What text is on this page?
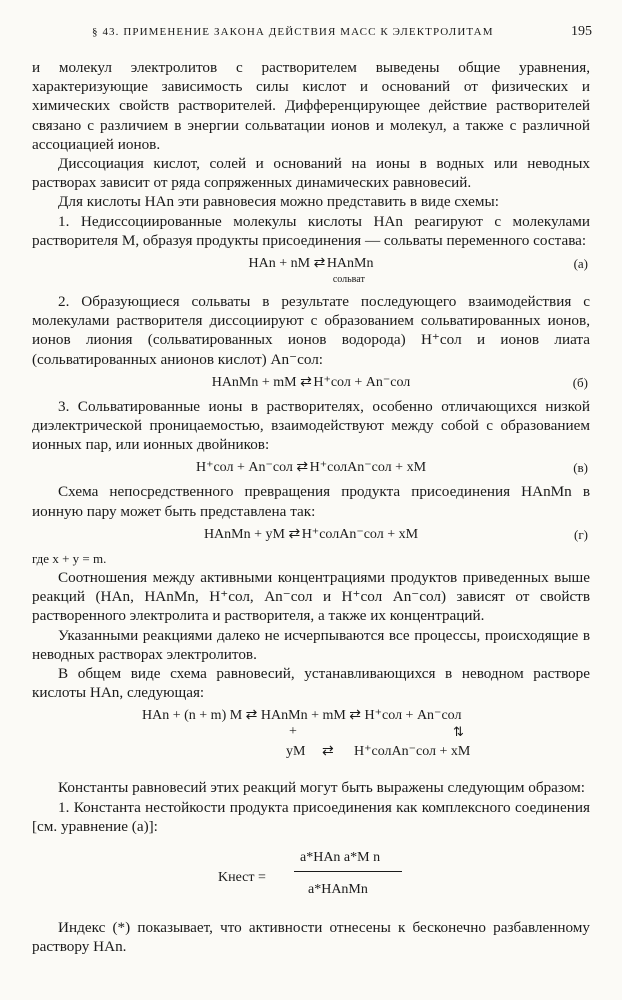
§ 43. ПРИМЕНЕНИЕ ЗАКОНА ДЕЙСТВИЯ МАСС К ЭЛЕКТРОЛИТАМ	195

и молекул электролитов с растворителем выведены общие уравнения, характеризующие зависимость силы кислот и оснований от физических и химических свойств растворителей. Дифференцирующее действие растворителей связано с различием в энергии сольватации ионов и молекул, а также с различной ассоциацией ионов.

Диссоциация кислот, солей и оснований на ионы в водных или неводных растворах зависит от ряда сопряженных динамических равновесий.

Для кислоты HAn эти равновесия можно представить в виде схемы:

1. Недиссоциированные молекулы кислоты HAn реагируют с молекулами растворителя M, образуя продукты присоединения — сольваты переменного состава:

HAn + nM ⇄ HAnMn
сольват
(а)

2. Образующиеся сольваты в результате последующего взаимодействия с молекулами растворителя диссоциируют с образованием сольватированных ионов, ионов лиония (сольватированных ионов водорода) H⁺сол и ионов лиата (сольватированных анионов кислот) An⁻сол:

HAnMn + mM ⇄ H⁺сол + An⁻сол	(б)

3. Сольватированные ионы в растворителях, особенно отличающихся низкой диэлектрической проницаемостью, взаимодействуют между собой с образованием ионных пар, или ионных двойников:

H⁺сол + An⁻сол ⇄ H⁺солAn⁻сол + xM	(в)

Схема непосредственного превращения продукта присоединения HAnMn в ионную пару может быть представлена так:

HAnMn + yM ⇄ H⁺солAn⁻сол + xM	(г)

где x + y = m.

Соотношения между активными концентрациями продуктов приведенных выше реакций (HAn, HAnMn, H⁺сол, An⁻сол и H⁺сол An⁻сол) зависят от свойств растворенного электролита и растворителя, а также их концентраций.

Указанными реакциями далеко не исчерпываются все процессы, происходящие в неводных растворах электролитов.

В общем виде схема равновесий, устанавливающихся в неводном растворе кислоты HAn, следующая:

HAn + (n + m) M ⇄ HAnMn + mM ⇄ H⁺сол + An⁻сол
+	⇅
yM ⇄ H⁺солAn⁻сол + xM

Константы равновесий этих реакций могут быть выражены следующим образом:

1. Константа нестойкости продукта присоединения как комплексного соединения [см. уравнение (а)]:

Kнест =
a*HAn a*M n
a*HAnMn

Индекс (*) показывает, что активности отнесены к бесконечно разбавленному раствору HAn.
